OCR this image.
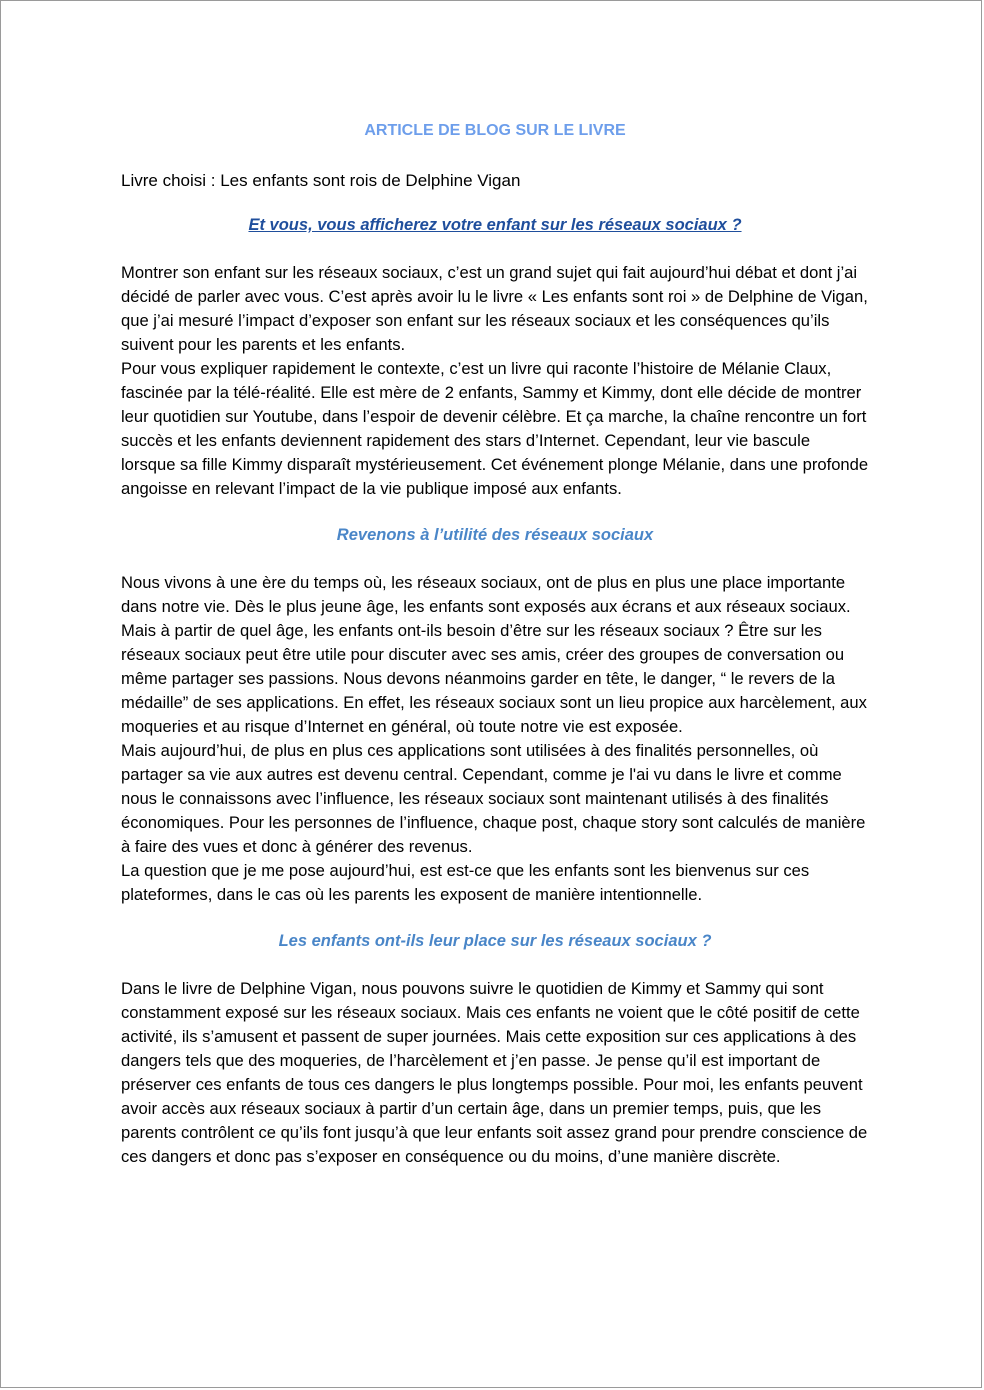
ARTICLE DE BLOG SUR LE LIVRE

Livre choisi : Les enfants sont rois de Delphine Vigan

Et vous, vous afficherez votre enfant sur les réseaux sociaux ?

Montrer son enfant sur les réseaux sociaux, c’est un grand sujet qui fait aujourd’hui débat et dont j’ai décidé de parler avec vous. C’est après avoir lu le livre « Les enfants sont roi » de Delphine de Vigan, que j’ai mesuré l’impact d’exposer son enfant sur les réseaux sociaux et les conséquences qu’ils suivent pour les parents et les enfants.

Pour vous expliquer rapidement le contexte, c’est un livre qui raconte l’histoire de Mélanie Claux, fascinée par la télé-réalité. Elle est mère de 2 enfants, Sammy et Kimmy, dont elle décide de montrer leur quotidien sur Youtube, dans l’espoir de devenir célèbre. Et ça marche, la chaîne rencontre un fort succès et les enfants deviennent rapidement des stars d’Internet. Cependant, leur vie bascule lorsque sa fille Kimmy disparaît mystérieusement. Cet événement plonge Mélanie, dans une profonde angoisse en relevant l’impact de la vie publique imposé aux enfants.

Revenons à l’utilité des réseaux sociaux

Nous vivons à une ère du temps où, les réseaux sociaux, ont de plus en plus une place importante dans notre vie. Dès le plus jeune âge, les enfants sont exposés aux écrans et aux réseaux sociaux. Mais à partir de quel âge, les enfants ont-ils besoin d’être sur les réseaux sociaux ? Être sur les réseaux sociaux peut être utile pour discuter avec ses amis, créer des groupes de conversation ou même partager ses passions. Nous devons néanmoins garder en tête, le danger, “ le revers de la médaille” de ses applications. En effet, les réseaux sociaux sont un lieu propice aux harcèlement, aux moqueries et au risque d’Internet en général, où toute notre vie est exposée.

Mais aujourd’hui, de plus en plus ces applications sont utilisées à des finalités personnelles, où partager sa vie aux autres est devenu central. Cependant, comme je l'ai vu dans le livre et comme nous le connaissons avec l’influence, les réseaux sociaux sont maintenant utilisés à des finalités économiques. Pour les personnes de l’influence, chaque post, chaque story sont calculés de manière à faire des vues et donc à générer des revenus.

La question que je me pose aujourd’hui, est est-ce que les enfants sont les bienvenus sur ces plateformes, dans le cas où les parents les exposent de manière intentionnelle.

Les enfants ont-ils leur place sur les réseaux sociaux ?

Dans le livre de Delphine Vigan, nous pouvons suivre le quotidien de Kimmy et Sammy qui sont constamment exposé sur les réseaux sociaux. Mais ces enfants ne voient que le côté positif de cette activité, ils s’amusent et passent de super journées. Mais cette exposition sur ces applications à des dangers tels que des moqueries, de l’harcèlement et j’en passe. Je pense qu’il est important de préserver ces enfants de tous ces dangers le plus longtemps possible. Pour moi, les enfants peuvent avoir accès aux réseaux sociaux à partir d’un certain âge, dans un premier temps, puis, que les parents contrôlent ce qu’ils font jusqu’à que leur enfants soit assez grand pour prendre conscience de ces dangers et donc pas s’exposer en conséquence ou du moins, d’une manière discrète.
